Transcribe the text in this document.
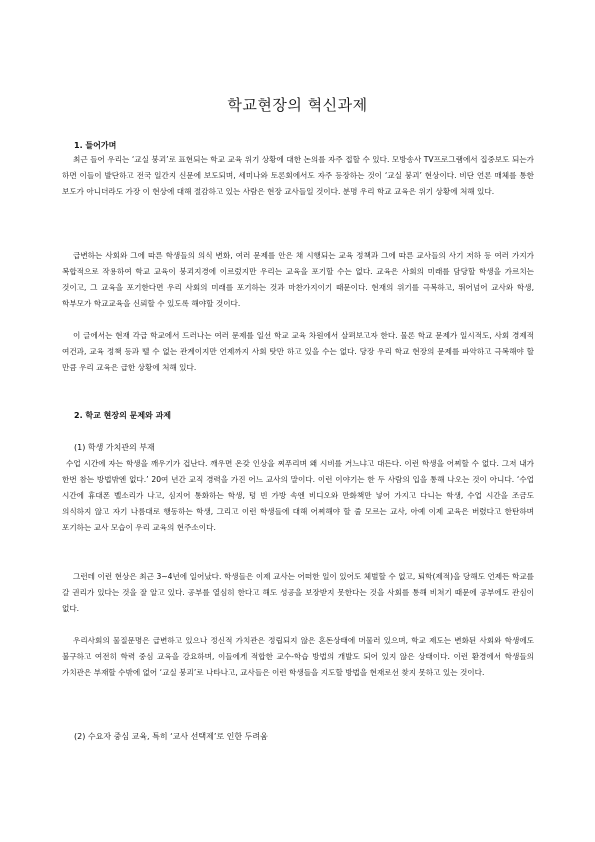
학교현장의 혁신과제
1. 들어가며

최근 들어 우리는 ‘교실 붕괴’로 표현되는 학교 교육 위기 상황에 대한 논의를 자주 접할 수 있다. 모방송사 TV프로그램에서 집중보도 되는가 하면 이들이 발단하고 전국 일간지 신문에 보도되며, 세미나와 토론회에서도 자주 등장하는 것이 ‘교실 붕괴’ 현상이다. 비단 언론 매체를 통한 보도가 아니더라도 가장 이 현상에 대해 절감하고 있는 사람은 현장 교사들일 것이다. 분명 우리 학교 교육은 위기 상황에 처해 있다.

급변하는 사회와 그에 따른 학생들의 의식 변화, 여러 문제를 안은 채 시행되는 교육 정책과 그에 따른 교사들의 사기 저하 등 여러 가지가 복합적으로 작용하여 학교 교육이 붕괴지경에 이르렀지만 우리는 교육을 포기할 수는 없다. 교육은 사회의 미래를 담당할 학생을 가르치는 것이고, 그 교육을 포기한다면 우리 사회의 미래를 포기하는 것과 마찬가지이기 때문이다. 현재의 위기를 극복하고, 뛰어넘어 교사와 학생, 학부모가 학교교육을 신뢰할 수 있도록 해야할 것이다.

이 글에서는 현재 각급 학교에서 드러나는 여러 문제를 일선 학교 교육 차원에서 살펴보고자 한다. 물론 학교 문제가 일시적도, 사회 경제적 여건과, 교육 정책 등과 뗄 수 없는 관계이지만 언제까지 사회 탓만 하고 있을 수는 없다. 당장 우리 학교 현장의 문제를 파악하고 극복해야 할 만큼 우리 교육은 급한 상황에 처해 있다.

2. 학교 현장의 문제와 과제
(1) 학생 가치관의 부재

수업 시간에 자는 학생을 깨우기가 겁난다. 깨우면 온갖 인상을 찌푸리며 왜 시비를 거느냐고 대든다. 이런 학생을 어찌할 수 없다. 그저 내가 한번 참는 방법밖엔 없다.’ 20여 년간 교직 경력을 가진 어느 교사의 말이다. 이런 이야기는 한 두 사람의 입을 통해 나오는 것이 아니다. ‘수업 시간에 휴대폰 벨소리가 나고, 심지어 통화하는 학생, 텅 빈 가방 속엔 비디오와 만화책만 넣어 가지고 다니는 학생, 수업 시간을 조금도 의식하지 않고 자기 나름대로 행동하는 학생, 그리고 이런 학생들에 대해 어찌해야 할 줄 모르는 교사, 아예 이제 교육은 버렸다고 한탄하며 포기하는 교사 모습이 우리 교육의 현주소이다.

그런데 이런 현상은 최근 3~4년에 일어났다. 학생들은 이제 교사는 어떠한 일이 있어도 체벌할 수 없고, 퇴학(제적)을 당해도 언제든 학교를 갈 권리가 있다는 것을 잘 알고 있다. 공부를 열심히 한다고 해도 성공을 보장받지 못한다는 것을 사회를 통해 비쳐기 때문에 공부에도 관심이 없다.

우리사회의 물질문명은 급변하고 있으나 정신적 가치관은 정립되지 않은 혼돈상태에 머물러 있으며, 학교 제도는 변화된 사회와 학생에도 불구하고 여전히 학력 중심 교육을 강요하며, 이들에게 적합한 교수-학습 방법의 개발도 되어 있지 않은 상태이다. 이런 환경에서 학생들의 가치관은 부재할 수밖에 없어 ‘교실 붕괴’로 나타나고, 교사들은 이런 학생들을 지도할 방법을 현재로선 찾지 못하고 있는 것이다.

(2) 수요자 중심 교육, 특히 ‘교사 선택제’로 인한 두려움
